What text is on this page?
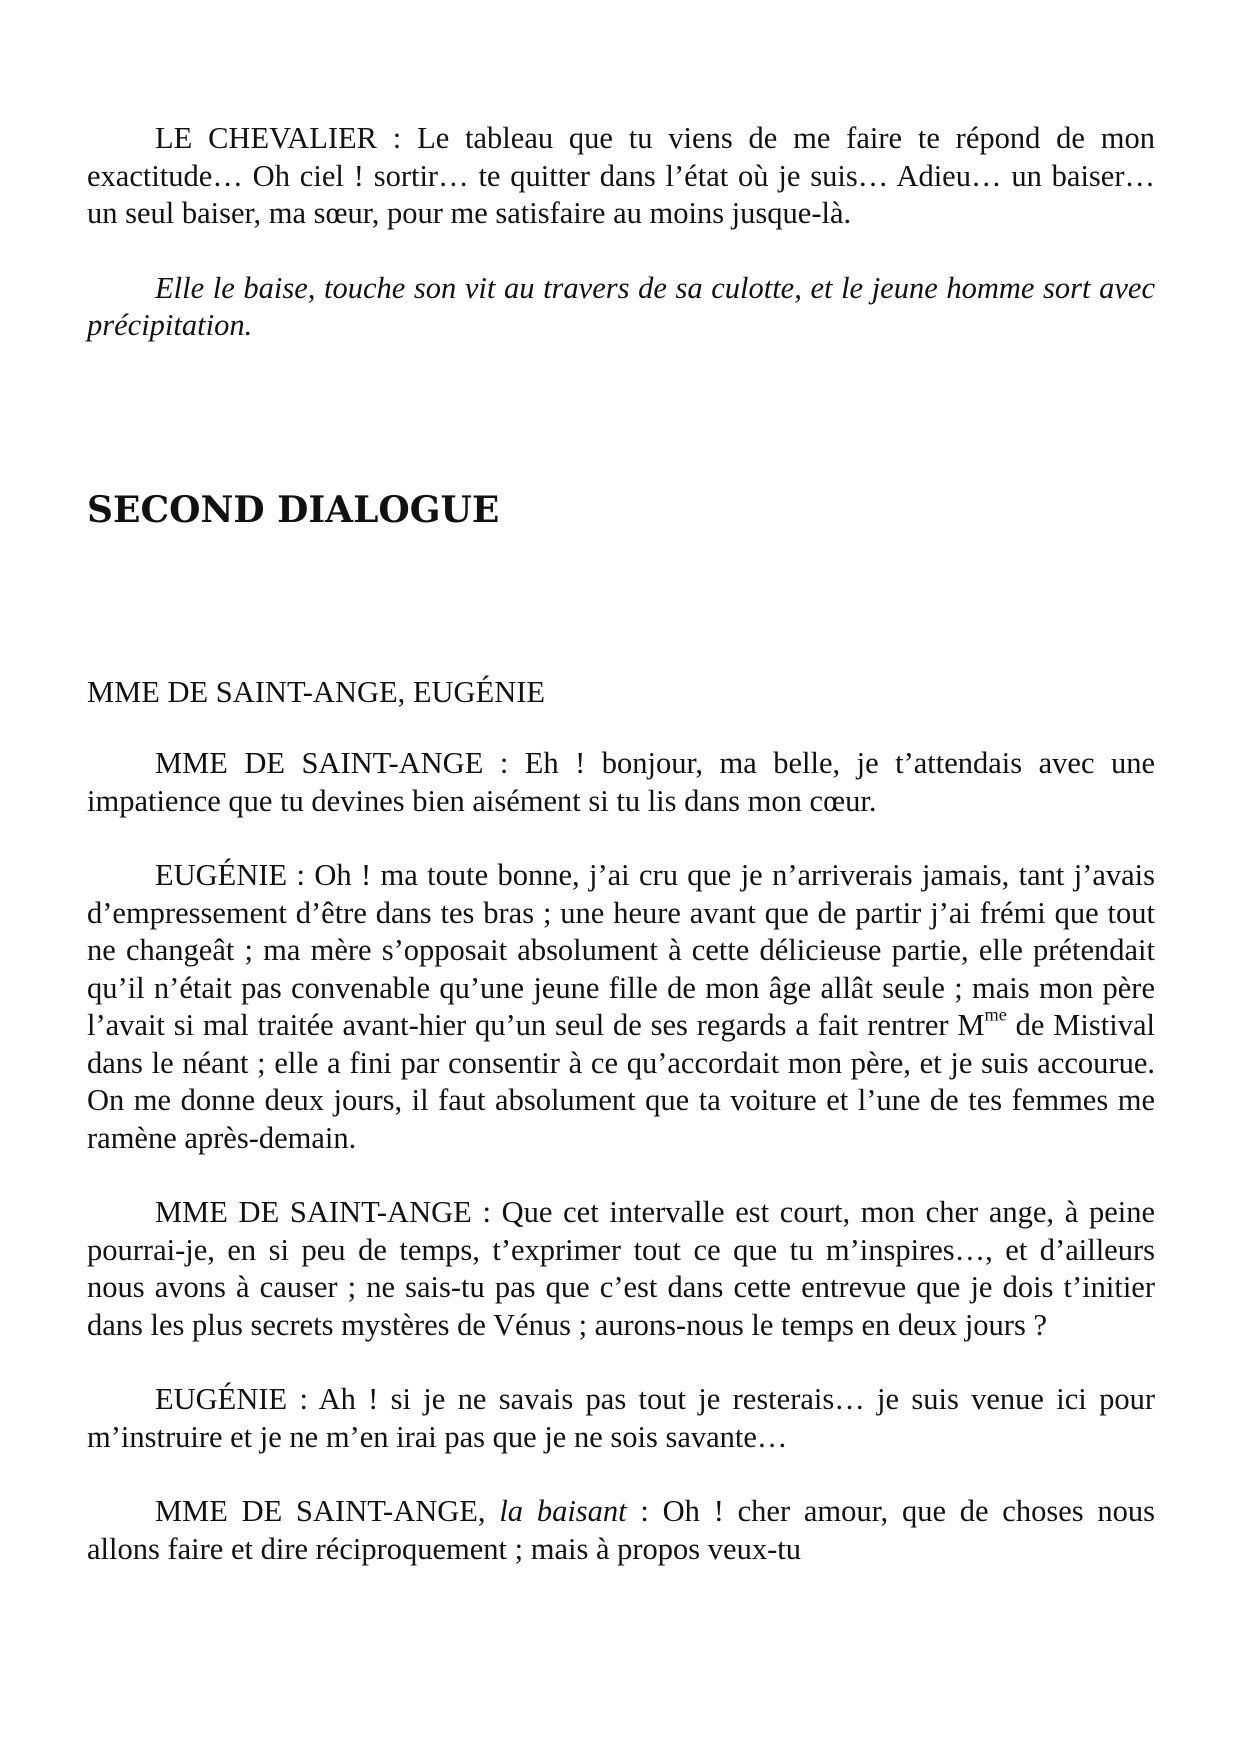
LE CHEVALIER : Le tableau que tu viens de me faire te répond de mon exactitude… Oh ciel ! sortir… te quitter dans l’état où je suis… Adieu… un baiser… un seul baiser, ma sœur, pour me satisfaire au moins jusque-là.

Elle le baise, touche son vit au travers de sa culotte, et le jeune homme sort avec précipitation.

SECOND DIALOGUE

MME DE SAINT-ANGE, EUGÉNIE

MME DE SAINT-ANGE : Eh ! bonjour, ma belle, je t’attendais avec une impatience que tu devines bien aisément si tu lis dans mon cœur.

EUGÉNIE : Oh ! ma toute bonne, j’ai cru que je n’arriverais jamais, tant j’avais d’empressement d’être dans tes bras ; une heure avant que de partir j’ai frémi que tout ne changeât ; ma mère s’opposait absolument à cette délicieuse partie, elle prétendait qu’il n’était pas convenable qu’une jeune fille de mon âge allât seule ; mais mon père l’avait si mal traitée avant-hier qu’un seul de ses regards a fait rentrer $M^{me}$ de Mistival dans le néant ; elle a fini par consentir à ce qu’accordait mon père, et je suis accourue. On me donne deux jours, il faut absolument que ta voiture et l’une de tes femmes me ramène après-demain.

MME DE SAINT-ANGE : Que cet intervalle est court, mon cher ange, à peine pourrai-je, en si peu de temps, t’exprimer tout ce que tu m’inspires…, et d’ailleurs nous avons à causer ; ne sais-tu pas que c’est dans cette entrevue que je dois t’initier dans les plus secrets mystères de Vénus ; aurons-nous le temps en deux jours ?

EUGÉNIE : Ah ! si je ne savais pas tout je resterais… je suis venue ici pour m’instruire et je ne m’en irai pas que je ne sois savante…

MME DE SAINT-ANGE, la baisant : Oh ! cher amour, que de choses nous allons faire et dire réciproquement ; mais à propos veux-tu
